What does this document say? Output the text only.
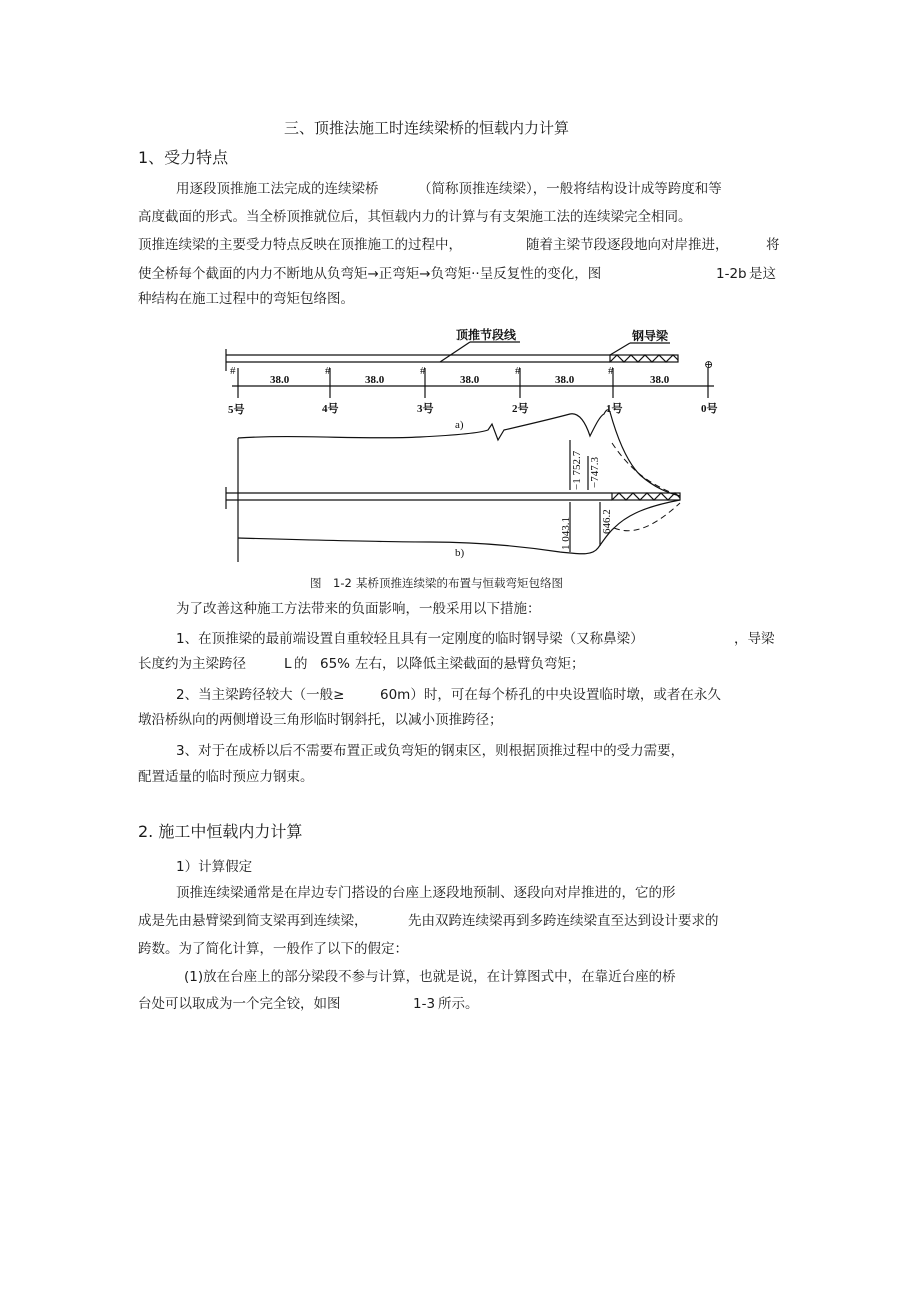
三、顶推法施工时连续梁桥的恒载内力计算
1、受力特点
用逐段顶推施工法完成的连续梁桥	（简称顶推连续梁），一般将结构设计成等跨度和等
高度截面的形式。当全桥顶推就位后，其恒载内力的计算与有支架施工法的连续梁完全相同。
顶推连续梁的主要受力特点反映在顶推施工的过程中，	随着主梁节段逐段地向对岸推进，	将
使全桥每个截面的内力不断地从负弯矩→正弯矩→负弯矩··呈反复性的变化，图	1-2b 是这
种结构在施工过程中的弯矩包络图。
#	#	#	#	#	⊕
顶推节段线	钢导梁
38.0	38.0	38.0	38.0	38.0
5号	4号	3号	2号	1号	0号
a)
b)
−1 752.7 −747.3
1 043.1	646.2
图 1-2 某桥顶推连续梁的布置与恒载弯矩包络图
为了改善这种施工方法带来的负面影响，一般采用以下措施：
1、在顶推梁的最前端设置自重较轻且具有一定刚度的临时钢导梁（又称鼻梁）	，导梁
长度约为主梁跨径	L 的 65% 左右，以降低主梁截面的悬臂负弯矩；
2、当主梁跨径较大（一般≥	60m）时，可在每个桥孔的中央设置临时墩，或者在永久
墩沿桥纵向的两侧增设三角形临时钢斜托，以减小顶推跨径；
3、对于在成桥以后不需要布置正或负弯矩的钢束区，则根据顶推过程中的受力需要，
配置适量的临时预应力钢束。
2. 施工中恒载内力计算
1）计算假定
顶推连续梁通常是在岸边专门搭设的台座上逐段地预制、逐段向对岸推进的，它的形
成是先由悬臂梁到简支梁再到连续梁，	先由双跨连续梁再到多跨连续梁直至达到设计要求的
跨数。为了简化计算，一般作了以下的假定：
(1)放在台座上的部分梁段不参与计算，也就是说，在计算图式中，在靠近台座的桥
台处可以取成为一个完全铰，如图	1-3 所示。
